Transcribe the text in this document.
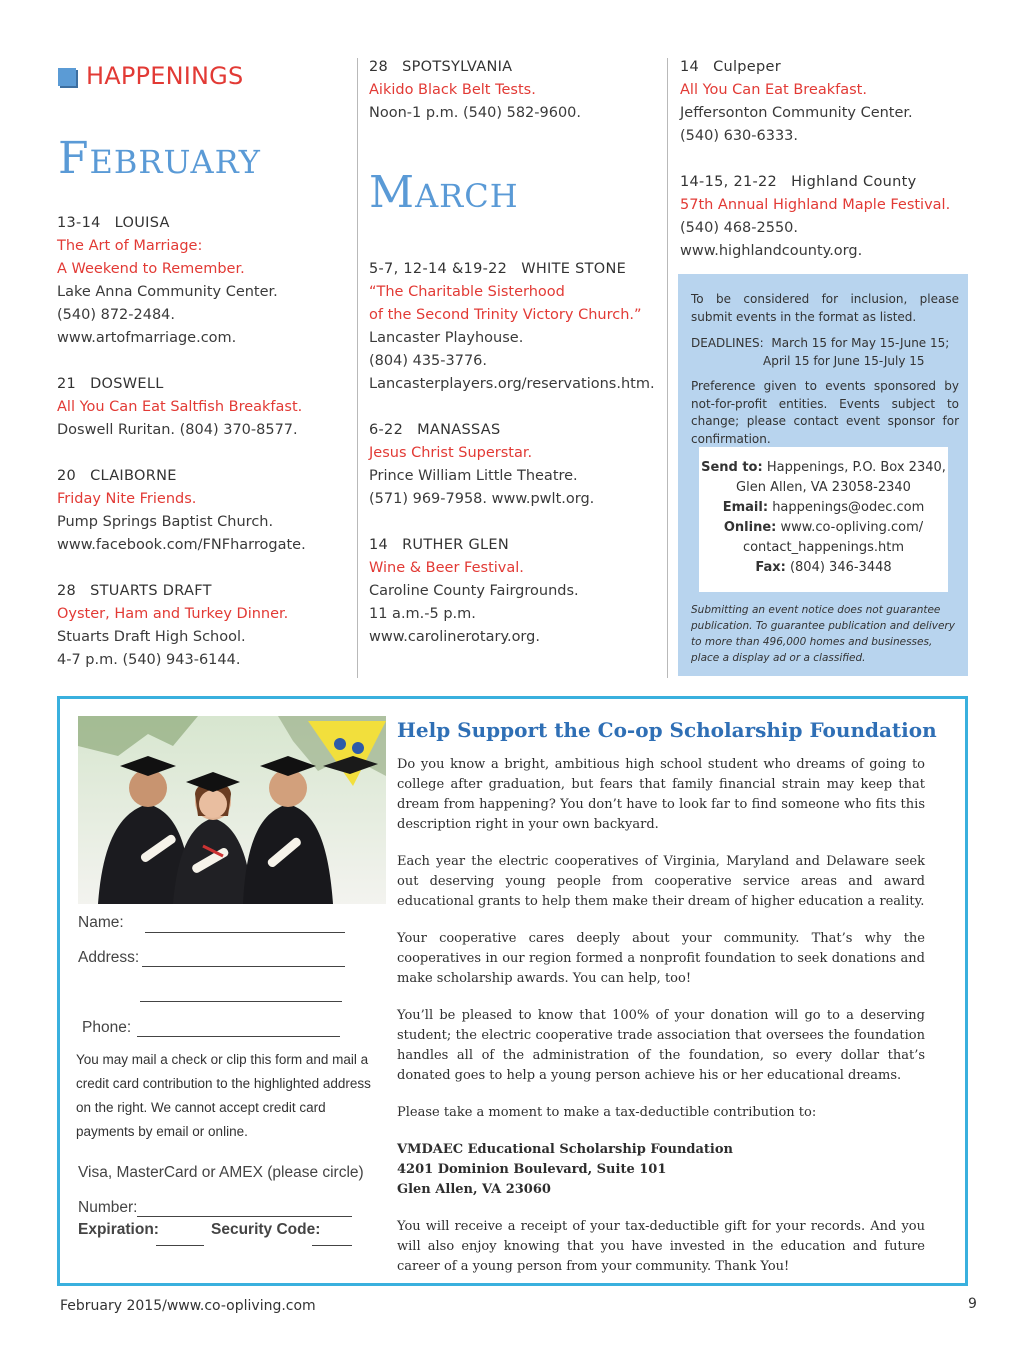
HAPPENINGS
FEBRUARY

13-14 LOUISA

The Art of Marriage:

A Weekend to Remember.

Lake Anna Community Center.

(540) 872-2484. www.artofmarriage.com.

21 DOSWELL

All You Can Eat Saltfish Breakfast.

Doswell Ruritan. (804) 370-8577.

20 CLAIBORNE

Friday Nite Friends.

Pump Springs Baptist Church.

www.facebook.com/FNFharrogate.

28 STUARTS DRAFT

Oyster, Ham and Turkey Dinner.

Stuarts Draft High School.

4-7 p.m. (540) 943-6144.

28 SPOTSYLVANIA

Aikido Black Belt Tests.

Noon-1 p.m. (540) 582-9600.

MARCH

5-7, 12-14 &19-22 WHITE STONE

“The Charitable Sisterhood

of the Second Trinity Victory Church.”

Lancaster Playhouse.

(804) 435-3776.

Lancasterplayers.org/reservations.htm.

6-22 MANASSAS

Jesus Christ Superstar.

Prince William Little Theatre.

(571) 969-7958. www.pwlt.org.

14 RUTHER GLEN

Wine & Beer Festival.

Caroline County Fairgrounds.

11 a.m.-5 p.m.

www.carolinerotary.org.

14 Culpeper

All You Can Eat Breakfast.

Jeffersonton Community Center.

(540) 630-6333.

14-15, 21-22 Highland County

57th Annual Highland Maple Festival.

(540) 468-2550. www.highlandcounty.org.

To be considered for inclusion, please submit events in the format as listed.

DEADLINES: March 15 for May 15-June 15;
April 15 for June 15-July 15

Preference given to events sponsored by not-for-profit entities. Events subject to change; please contact event sponsor for confirmation.

Send to: Happenings, P.O. Box 2340,
Glen Allen, VA 23058-2340
Email: happenings@odec.com
Online: www.co-opliving.com/
contact_happenings.htm
Fax: (804) 346-3448

Submitting an event notice does not guarantee publication. To guarantee publication and delivery to more than 496,000 homes and businesses, place a display ad or a classified.

Name:
Address:
Phone:

You may mail a check or clip this form and mail a credit card contribution to the highlighted address on the right. We cannot accept credit card payments by email or online.

Visa, MasterCard or AMEX (please circle)
Number:
Expiration:	Security Code:
Help Support the Co-op Scholarship Foundation

Do you know a bright, ambitious high school student who dreams of going to college after graduation, but fears that family financial strain may keep that dream from happening? You don’t have to look far to find someone who fits this description right in your own backyard.

Each year the electric cooperatives of Virginia, Maryland and Delaware seek out deserving young people from cooperative service areas and award educational grants to help them make their dream of higher education a reality.

Your cooperative cares deeply about your community. That’s why the cooperatives in our region formed a nonprofit foundation to seek donations and make scholarship awards. You can help, too!

You’ll be pleased to know that 100% of your donation will go to a deserving student; the electric cooperative trade association that oversees the foundation handles all of the administration of the foundation, so every dollar that’s donated goes to help a young person achieve his or her educational dreams.

Please take a moment to make a tax-deductible contribution to:

VMDAEC Educational Scholarship Foundation
4201 Dominion Boulevard, Suite 101
Glen Allen, VA 23060

You will receive a receipt of your tax-deductible gift for your records. And you will also enjoy knowing that you have invested in the education and future career of a young person from your community. Thank You!

February 2015/www.co-opliving.com	9
